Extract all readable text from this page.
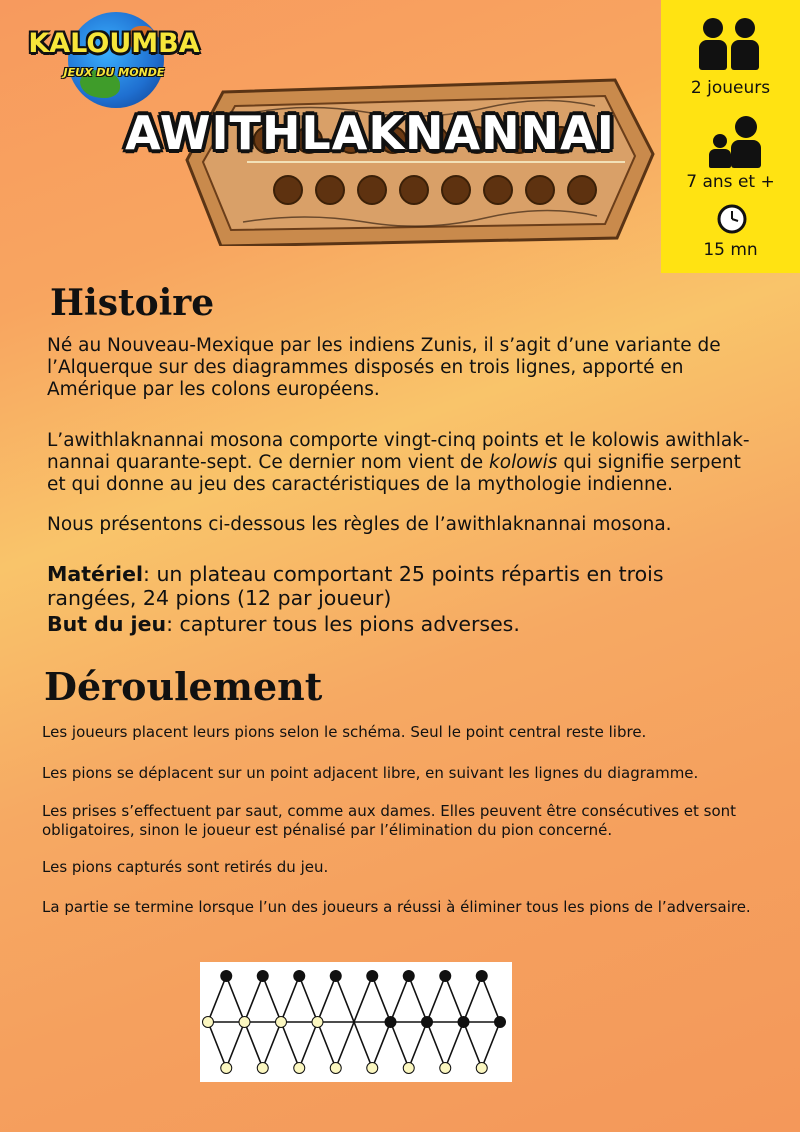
KALOUMBA
JEUX DU MONDE
AWITHLAKNANNAI
2 joueurs
7 ans et +
15 mn
Histoire
Né au Nouveau-Mexique par les indiens Zunis, il s’agit d’une variante de l’Alquerque sur des diagrammes disposés en trois lignes, apporté en Amérique par les colons européens.
L’awithlaknannai mosona comporte vingt-cinq points et le kolowis awithlak-nannai quarante-sept. Ce dernier nom vient de kolowis qui signifie serpent et qui donne au jeu des caractéristiques de la mythologie indienne.
Nous présentons ci-dessous les règles de l’awithlaknannai mosona.
Matériel: un plateau comportant 25 points répartis en trois rangées, 24 pions (12 par joueur)
But du jeu: capturer tous les pions adverses.
Déroulement
Les joueurs placent leurs pions selon le schéma. Seul le point central reste libre.
Les pions se déplacent sur un point adjacent libre, en suivant les lignes du diagramme.
Les prises s’effectuent par saut, comme aux dames. Elles peuvent être consécutives et sont obligatoires, sinon le joueur est pénalisé par l’élimination du pion concerné.
Les pions capturés sont retirés du jeu.
La partie se termine lorsque l’un des joueurs a réussi à éliminer tous les pions de l’adversaire.
